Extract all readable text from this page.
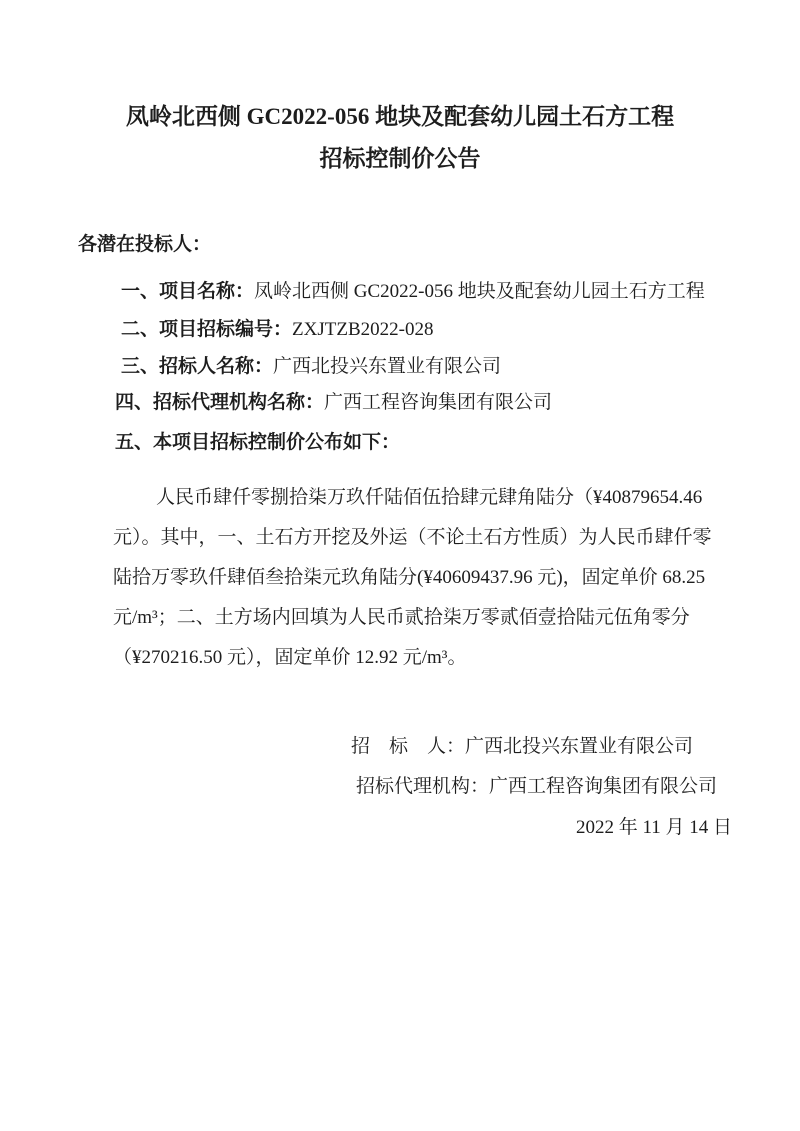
凤岭北西侧 GC2022-056 地块及配套幼儿园土石方工程
招标控制价公告
各潜在投标人：
一、项目名称：凤岭北西侧 GC2022-056 地块及配套幼儿园土石方工程
二、项目招标编号：ZXJTZB2022-028
三、招标人名称：广西北投兴东置业有限公司
四、招标代理机构名称：广西工程咨询集团有限公司
五、本项目招标控制价公布如下：
人民币肆仟零捌拾柒万玖仟陆佰伍拾肆元肆角陆分（¥40879654.46
元）。其中，一、土石方开挖及外运（不论土石方性质）为人民币肆仟零
陆拾万零玖仟肆佰叁拾柒元玖角陆分(¥40609437.96 元)，固定单价 68.25
元/m³；二、土方场内回填为人民币贰拾柒万零贰佰壹拾陆元伍角零分
（¥270216.50 元），固定单价 12.92 元/m³。
招　标　人：广西北投兴东置业有限公司
招标代理机构：广西工程咨询集团有限公司
2022 年 11 月 14 日
